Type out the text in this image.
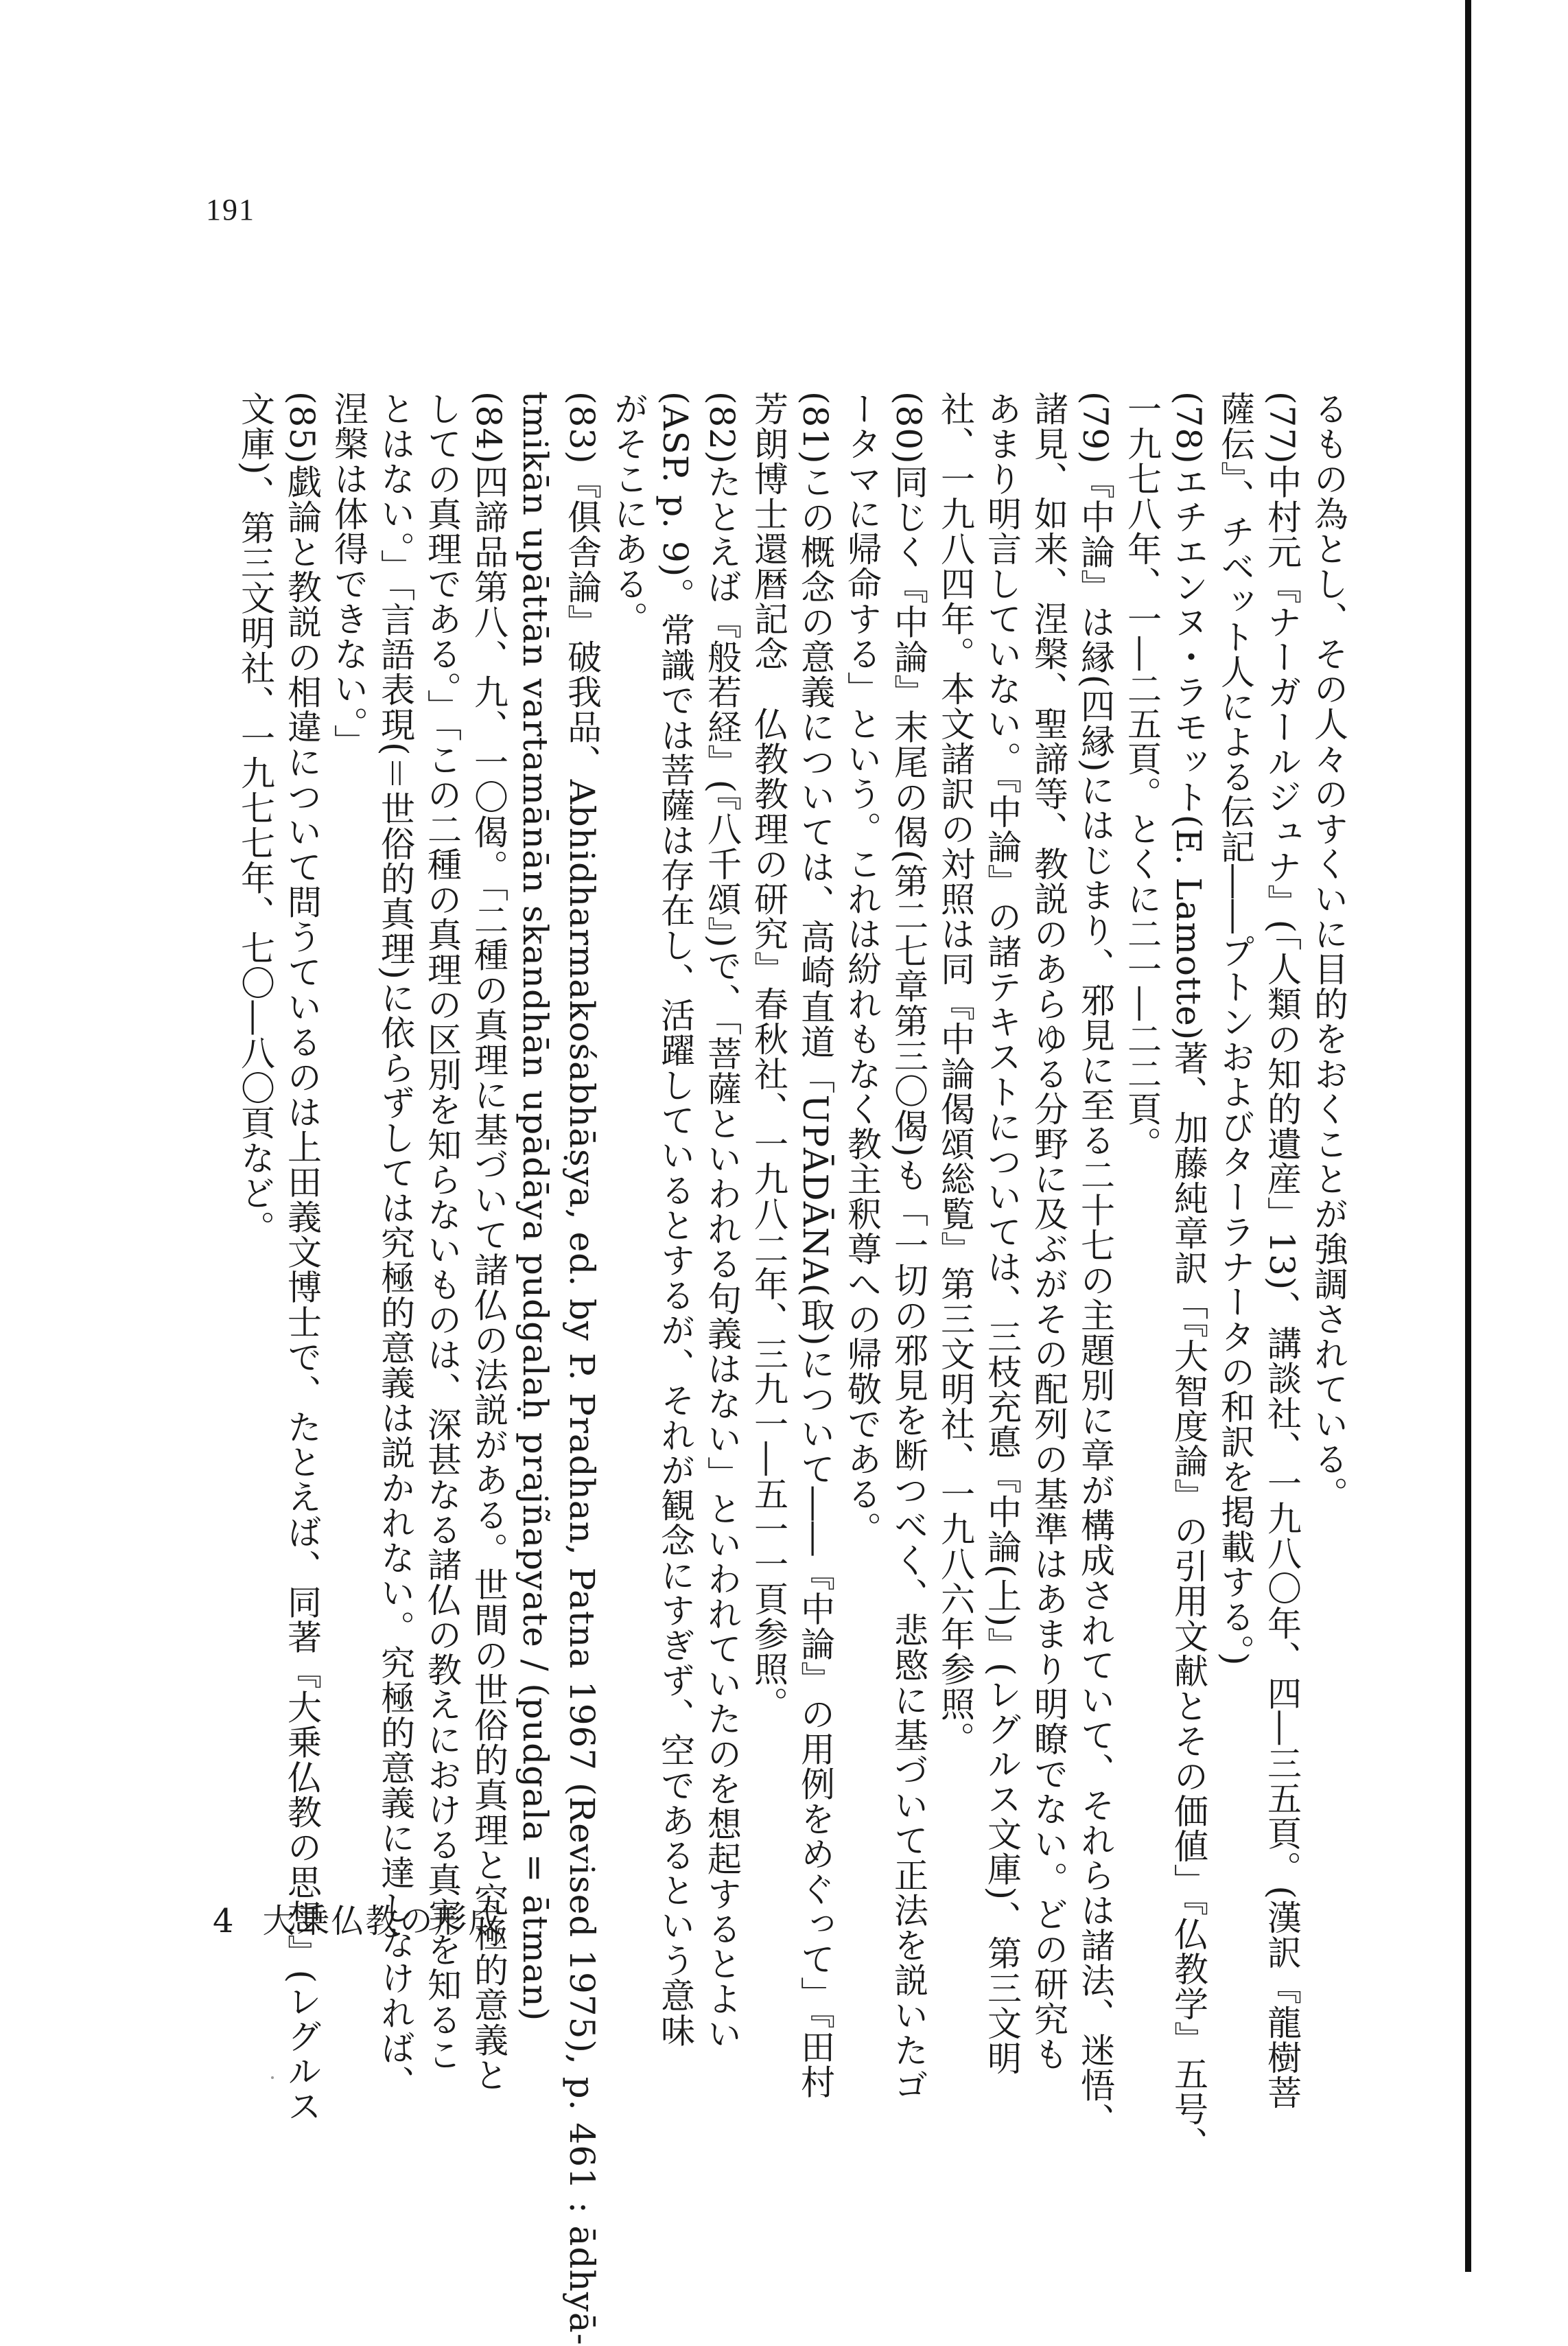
191

るもの為とし、その人々のすくいに目的をおくことが強調されている。

(77)中村元『ナーガールジュナ』(「人類の知的遺産」13)、講談社、一九八〇年、四―三五頁。(漢訳『龍樹菩

薩伝』、チベット人による伝記――プトンおよびターラナータの和訳を掲載する。)

(78)エチエンヌ・ラモット(E. Lamotte)著、加藤純章訳「『大智度論』の引用文献とその価値」『仏教学』五号、

一九七八年、一―二五頁。とくに二一―二二頁。

(79)『中論』は縁(四縁)にはじまり、邪見に至る二十七の主題別に章が構成されていて、それらは諸法、迷悟、

諸見、如来、涅槃、聖諦等、教説のあらゆる分野に及ぶがその配列の基準はあまり明瞭でない。どの研究も

あまり明言していない。『中論』の諸テキストについては、三枝充悳『中論(上)』(レグルス文庫)、第三文明

社、一九八四年。本文諸訳の対照は同『中論偈頌総覧』第三文明社、一九八六年参照。

(80)同じく『中論』末尾の偈(第二七章第三〇偈)も「一切の邪見を断つべく、悲愍に基づいて正法を説いたゴ

ータマに帰命する」という。これは紛れもなく教主釈尊への帰敬である。

(81)この概念の意義については、高崎直道「UPĀDĀNA(取)について――『中論』の用例をめぐって」『田村

芳朗博士還暦記念　仏教教理の研究』春秋社、一九八二年、三九一―五一一頁参照。

(82)たとえば『般若経』(『八千頌』)で、「菩薩といわれる句義はない」といわれていたのを想起するとよい

(ASP. p. 9)。常識では菩薩は存在し、活躍しているとするが、それが観念にすぎず、空であるという意味

がそこにある。

(83)『俱舎論』破我品、Abhidharmakośabhāṣya, ed. by P. Pradhan, Patna 1967 (Revised 1975), p. 461 : ādhyā-

tmikān upāttān vartamānān skandhān upādāya pudgalaḥ prajñapyate / (pudgala = ātman)

(84)四諦品第八、九、一〇偈。「二種の真理に基づいて諸仏の法説がある。世間の世俗的真理と究極的意義と

しての真理である。」「この二種の真理の区別を知らないものは、深甚なる諸仏の教えにおける真実を知るこ

とはない。」「言語表現(＝世俗的真理)に依らずしては究極的意義は説かれない。究極的意義に達しなければ、

涅槃は体得できない。」

(85)戯論と教説の相違について問うているのは上田義文博士で、たとえば、同著『大乗仏教の思想』(レグルス

文庫)、第三文明社、一九七七年、七〇―八〇頁など。

4 大乗仏教の形成
